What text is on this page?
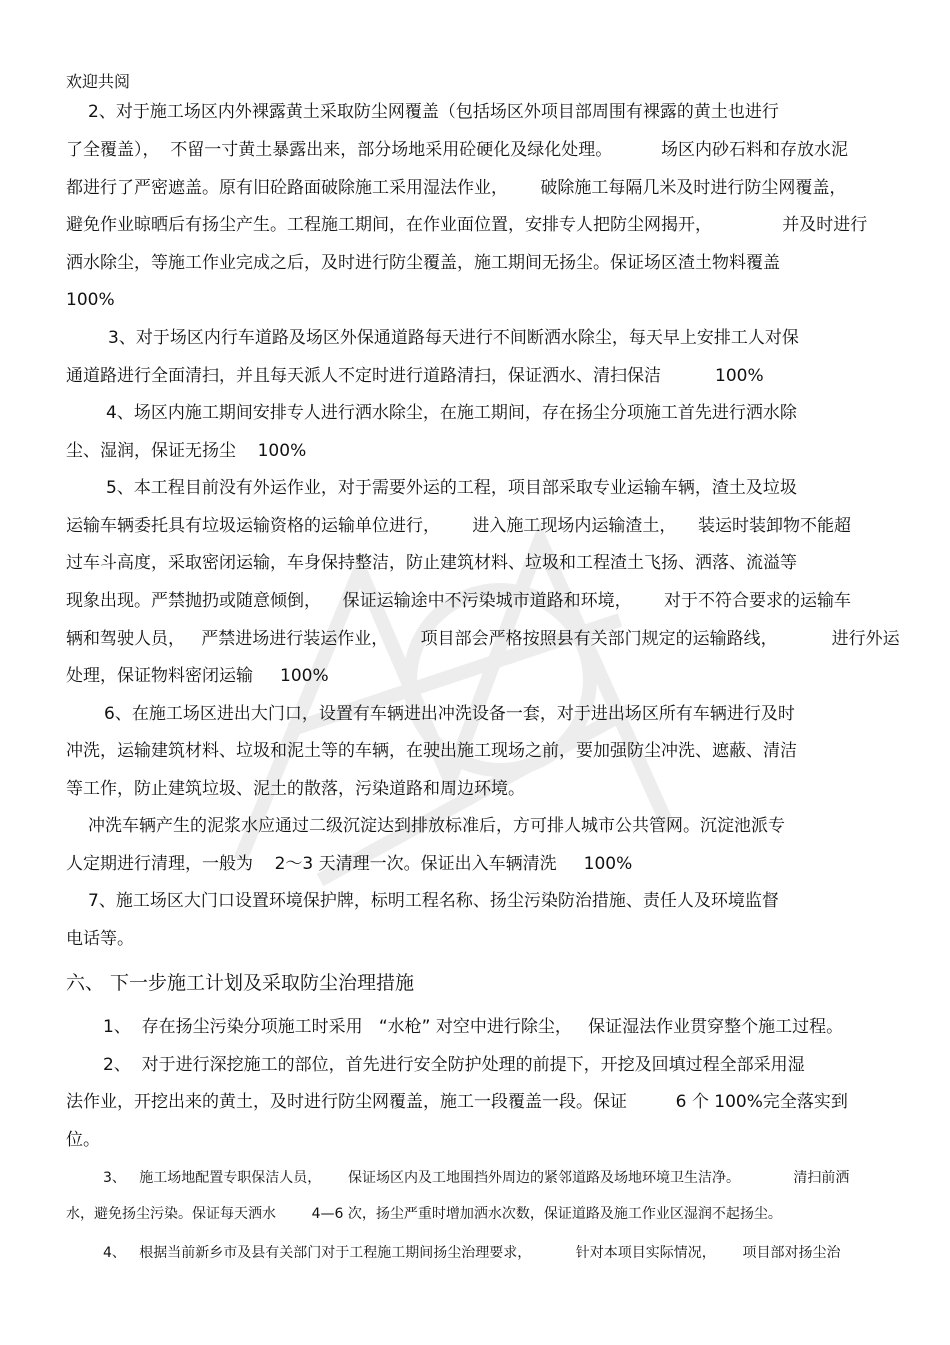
欢迎共阅
2、对于施工场区内外裸露黄土采取防尘网覆盖（包括场区外项目部周围有裸露的黄土也进行
了全覆盖），  不留一寸黄土暴露出来，部分场地采用砼硬化及绿化处理。         场区内砂石料和存放水泥
都进行了严密遮盖。原有旧砼路面破除施工采用湿法作业，      破除施工每隔几米及时进行防尘网覆盖，
避免作业晾晒后有扬尘产生。工程施工期间，在作业面位置，安排专人把防尘网揭开，             并及时进行
洒水除尘，等施工作业完成之后，及时进行防尘覆盖，施工期间无扬尘。保证场区渣土物料覆盖
100%
3、对于场区内行车道路及场区外保通道路每天进行不间断洒水除尘，每天早上安排工人对保
通道路进行全面清扫，并且每天派人不定时进行道路清扫，保证洒水、清扫保洁          100%
4、场区内施工期间安排专人进行洒水除尘，在施工期间，存在扬尘分项施工首先进行洒水除
尘、湿润，保证无扬尘    100%
5、本工程目前没有外运作业，对于需要外运的工程，项目部采取专业运输车辆，渣土及垃圾
运输车辆委托具有垃圾运输资格的运输单位进行，      进入施工现场内运输渣土，    装运时装卸物不能超
过车斗高度，采取密闭运输，车身保持整洁，防止建筑材料、垃圾和工程渣土飞扬、洒落、流溢等
现象出现。严禁抛扔或随意倾倒，    保证运输途中不污染城市道路和环境，      对于不符合要求的运输车
辆和驾驶人员，   严禁进场进行装运作业，      项目部会严格按照县有关部门规定的运输路线，          进行外运
处理，保证物料密闭运输     100%
6、在施工场区进出大门口，设置有车辆进出冲洗设备一套，对于进出场区所有车辆进行及时
冲洗，运输建筑材料、垃圾和泥土等的车辆，在驶出施工现场之前，要加强防尘冲洗、遮蔽、清洁
等工作，防止建筑垃圾、泥土的散落，污染道路和周边环境。
冲洗车辆产生的泥浆水应通过二级沉淀达到排放标准后，方可排人城市公共管网。沉淀池派专
人定期进行清理，一般为    2～3 天清理一次。保证出入车辆清洗     100%
7、施工场区大门口设置环境保护牌，标明工程名称、扬尘污染防治措施、责任人及环境监督
电话等。
六、 下一步施工计划及采取防尘治理措施
1、  存在扬尘污染分项施工时采用   “水枪” 对空中进行除尘，   保证湿法作业贯穿整个施工过程。
2、  对于进行深挖施工的部位，首先进行安全防护处理的前提下，开挖及回填过程全部采用湿
法作业，开挖出来的黄土，及时进行防尘网覆盖，施工一段覆盖一段。保证         6 个 100%完全落实到
位。
3、   施工场地配置专职保洁人员，      保证场区内及工地围挡外周边的紧邻道路及场地环境卫生洁净。            清扫前洒
水，避免扬尘污染。保证每天洒水        4—6 次，扬尘严重时增加洒水次数，保证道路及施工作业区湿润不起扬尘。
4、   根据当前新乡市及县有关部门对于工程施工期间扬尘治理要求，          针对本项目实际情况，      项目部对扬尘治
